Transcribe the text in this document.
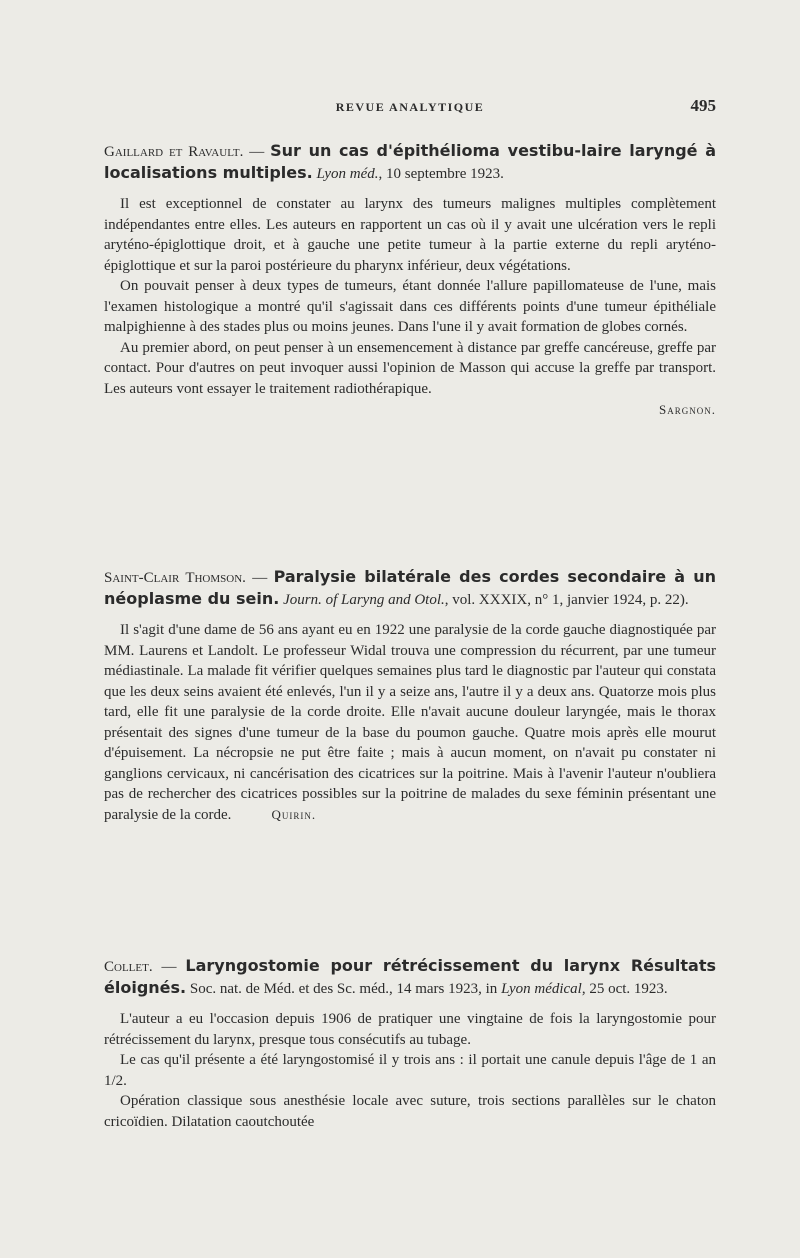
REVUE ANALYTIQUE	495

Gaillard et Ravault. — Sur un cas d'épithélioma vestibu-laire laryngé à localisations multiples. Lyon méd., 10 septembre 1923.

Il est exceptionnel de constater au larynx des tumeurs malignes multiples complètement indépendantes entre elles. Les auteurs en rapportent un cas où il y avait une ulcération vers le repli aryténo-épiglottique droit, et à gauche une petite tumeur à la partie externe du repli aryténo-épiglottique et sur la paroi postérieure du pharynx inférieur, deux végétations.

On pouvait penser à deux types de tumeurs, étant donnée l'allure papillomateuse de l'une, mais l'examen histologique a montré qu'il s'agissait dans ces différents points d'une tumeur épithéliale malpighienne à des stades plus ou moins jeunes. Dans l'une il y avait formation de globes cornés.

Au premier abord, on peut penser à un ensemencement à distance par greffe cancéreuse, greffe par contact. Pour d'autres on peut invoquer aussi l'opinion de Masson qui accuse la greffe par transport. Les auteurs vont essayer le traitement radiothérapique.

Sargnon.

Saint-Clair Thomson. — Paralysie bilatérale des cordes secondaire à un néoplasme du sein. Journ. of Laryng and Otol., vol. XXXIX, n° 1, janvier 1924, p. 22).

Il s'agit d'une dame de 56 ans ayant eu en 1922 une paralysie de la corde gauche diagnostiquée par MM. Laurens et Landolt. Le professeur Widal trouva une compression du récurrent, par une tumeur médiastinale. La malade fit vérifier quelques semaines plus tard le diagnostic par l'auteur qui constata que les deux seins avaient été enlevés, l'un il y a seize ans, l'autre il y a deux ans. Quatorze mois plus tard, elle fit une paralysie de la corde droite. Elle n'avait aucune douleur laryngée, mais le thorax présentait des signes d'une tumeur de la base du poumon gauche. Quatre mois après elle mourut d'épuisement. La nécropsie ne put être faite ; mais à aucun moment, on n'avait pu constater ni ganglions cervicaux, ni cancérisation des cicatrices sur la poitrine. Mais à l'avenir l'auteur n'oubliera pas de rechercher des cicatrices possibles sur la poitrine de malades du sexe féminin présentant une paralysie de la corde.	Quirin.

Collet. — Laryngostomie pour rétrécissement du larynx Résultats éloignés. Soc. nat. de Méd. et des Sc. méd., 14 mars 1923, in Lyon médical, 25 oct. 1923.

L'auteur a eu l'occasion depuis 1906 de pratiquer une vingtaine de fois la laryngostomie pour rétrécissement du larynx, presque tous consécutifs au tubage.

Le cas qu'il présente a été laryngostomisé il y trois ans : il portait une canule depuis l'âge de 1 an 1/2.

Opération classique sous anesthésie locale avec suture, trois sections parallèles sur le chaton cricoïdien. Dilatation caoutchoutée
